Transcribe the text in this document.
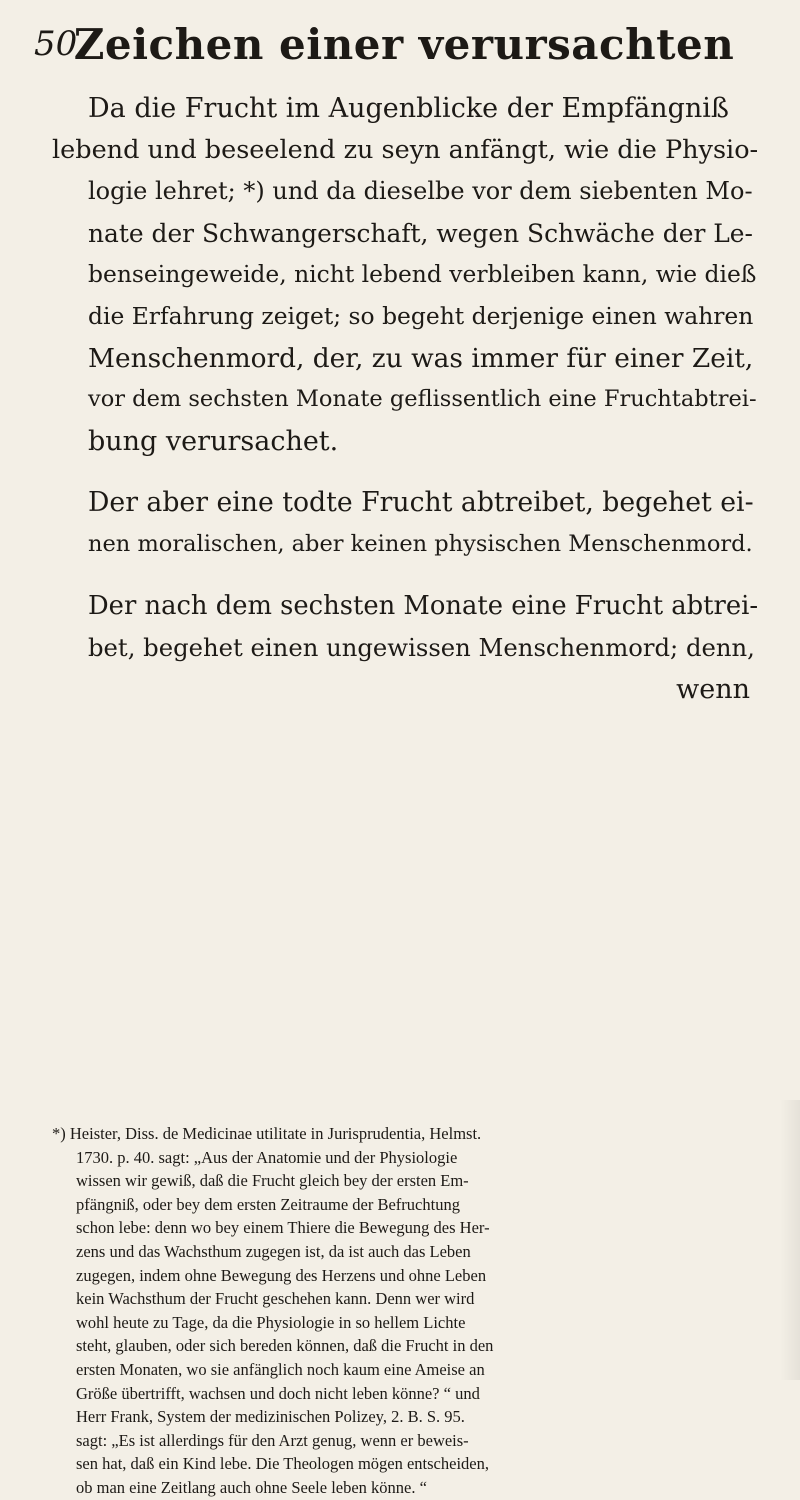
50
Zeichen einer verursachten

Da die Frucht im Augenblicke der Empfängniß
lebend und beseelend zu seyn anfängt, wie die Physio-
logie lehret; *) und da dieselbe vor dem siebenten Mo-
nate der Schwangerschaft, wegen Schwäche der Le-
benseingeweide, nicht lebend verbleiben kann, wie dieß
die Erfahrung zeiget; so begeht derjenige einen wahren
Menschenmord, der, zu was immer für einer Zeit,
vor dem sechsten Monate geflissentlich eine Fruchtabtrei-
bung verursachet.

Der aber eine todte Frucht abtreibet, begehet ei-
nen moralischen, aber keinen physischen Menschenmord.

Der nach dem sechsten Monate eine Frucht abtrei-
bet, begehet einen ungewissen Menschenmord; denn,
wenn

*) Heister, Diss. de Medicinae utilitate in Jurisprudentia, Helmst.
1730. p. 40. sagt: „Aus der Anatomie und der Physiologie
wissen wir gewiß, daß die Frucht gleich bey der ersten Em-
pfängniß, oder bey dem ersten Zeitraume der Befruchtung
schon lebe: denn wo bey einem Thiere die Bewegung des Her-
zens und das Wachsthum zugegen ist, da ist auch das Leben
zugegen, indem ohne Bewegung des Herzens und ohne Leben
kein Wachsthum der Frucht geschehen kann. Denn wer wird
wohl heute zu Tage, da die Physiologie in so hellem Lichte
steht, glauben, oder sich bereden können, daß die Frucht in den
ersten Monaten, wo sie anfänglich noch kaum eine Ameise an
Größe übertrifft, wachsen und doch nicht leben könne? “ und
Herr Frank, System der medizinischen Polizey, 2. B. S. 95.
sagt: „Es ist allerdings für den Arzt genug, wenn er beweis-
sen hat, daß ein Kind lebe. Die Theologen mögen entscheiden,
ob man eine Zeitlang auch ohne Seele leben könne. “
